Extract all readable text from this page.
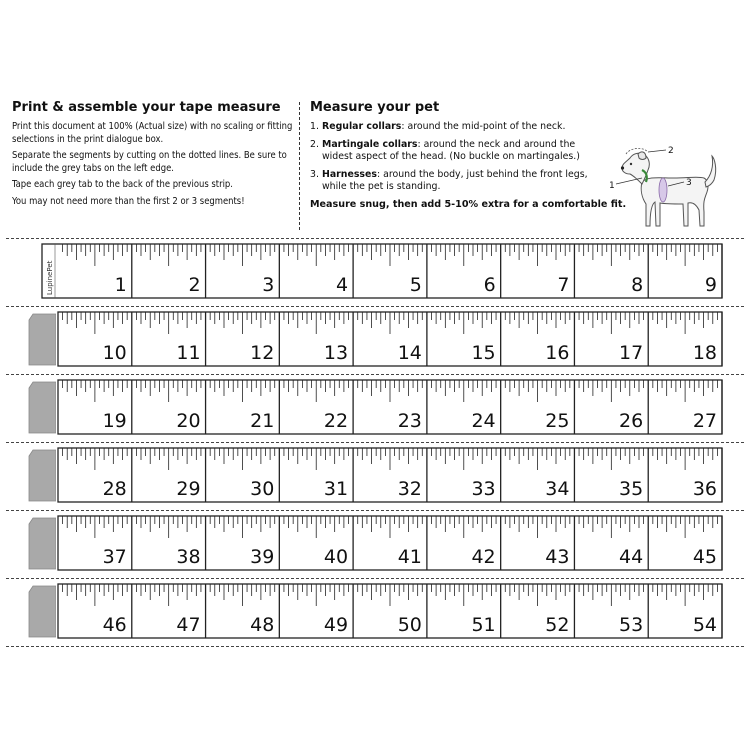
Print & assemble your tape measure

Print this document at 100% (Actual size) with no scaling or fitting selections in the print dialogue box.

Separate the segments by cutting on the dotted lines. Be sure to include the grey tabs on the left edge.

Tape each grey tab to the back of the previous strip.

You may not need more than the first 2 or 3 segments!

Measure your pet
1. Regular collars: around the mid-point of the neck.
2. Martingale collars: around the neck and around the
widest aspect of the head. (No buckle on martingales.)
3. Harnesses: around the body, just behind the front legs,
while the pet is standing.
Measure snug, then add 5-10% extra for a comfortable fit.
2
1	3
LupinePet	1	2	3	4	5	6	7	8	9
10	11	12	13	14	15	16	17	18
19	20	21	22	23	24	25	26	27
28	29	30	31	32	33	34	35	36
37	38	39	40	41	42	43	44	45
46	47	48	49	50	51	52	53	54
